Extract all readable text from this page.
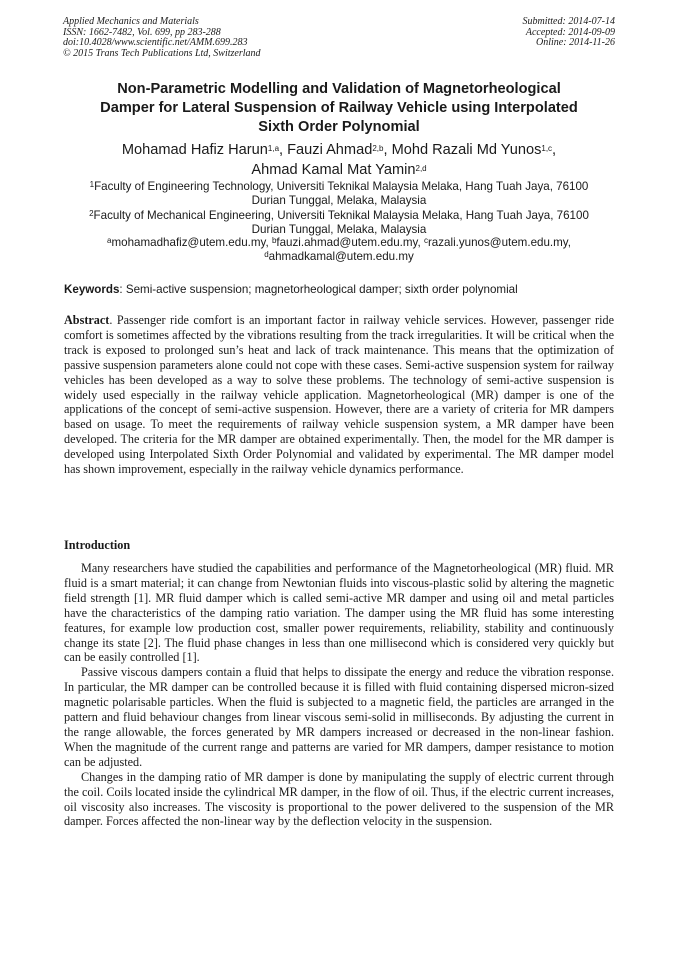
Applied Mechanics and Materials
ISSN: 1662-7482, Vol. 699, pp 283-288
doi:10.4028/www.scientific.net/AMM.699.283
© 2015 Trans Tech Publications Ltd, Switzerland
Submitted: 2014-07-14
Accepted: 2014-09-09
Online: 2014-11-26
Non-Parametric Modelling and Validation of Magnetorheological
Damper for Lateral Suspension of Railway Vehicle using Interpolated
Sixth Order Polynomial
Mohamad Hafiz Harun$^{1,a}$, Fauzi Ahmad$^{2,b}$, Mohd Razali Md Yunos$^{1,c}$,
Ahmad Kamal Mat Yamin$^{2,d}$
$^1$Faculty of Engineering Technology, Universiti Teknikal Malaysia Melaka, Hang Tuah Jaya, 76100
Durian Tunggal, Melaka, Malaysia
$^2$Faculty of Mechanical Engineering, Universiti Teknikal Malaysia Melaka, Hang Tuah Jaya, 76100
Durian Tunggal, Melaka, Malaysia
$^a$mohamadhafiz@utem.edu.my, $^b$fauzi.ahmad@utem.edu.my, $^c$razali.yunos@utem.edu.my,
$^d$ahmadkamal@utem.edu.my
Keywords: Semi-active suspension; magnetorheological damper; sixth order polynomial
Abstract. Passenger ride comfort is an important factor in railway vehicle services. However, passenger ride comfort is sometimes affected by the vibrations resulting from the track irregularities. It will be critical when the track is exposed to prolonged sun’s heat and lack of track maintenance. This means that the optimization of passive suspension parameters alone could not cope with these cases. Semi-active suspension system for railway vehicles has been developed as a way to solve these problems. The technology of semi-active suspension is widely used especially in the railway vehicle application. Magnetorheological (MR) damper is one of the applications of the concept of semi-active suspension. However, there are a variety of criteria for MR dampers based on usage. To meet the requirements of railway vehicle suspension system, a MR damper have been developed. The criteria for the MR damper are obtained experimentally. Then, the model for the MR damper is developed using Interpolated Sixth Order Polynomial and validated by experimental. The MR damper model has shown improvement, especially in the railway vehicle dynamics performance.
Introduction

Many researchers have studied the capabilities and performance of the Magnetorheological (MR) fluid. MR fluid is a smart material; it can change from Newtonian fluids into viscous-plastic solid by altering the magnetic field strength [1]. MR fluid damper which is called semi-active MR damper and using oil and metal particles have the characteristics of the damping ratio variation. The damper using the MR fluid has some interesting features, for example low production cost, smaller power requirements, reliability, stability and continuously change its state [2]. The fluid phase changes in less than one millisecond which is considered very quickly but can be easily controlled [1].

Passive viscous dampers contain a fluid that helps to dissipate the energy and reduce the vibration response. In particular, the MR damper can be controlled because it is filled with fluid containing dispersed micron-sized magnetic polarisable particles. When the fluid is subjected to a magnetic field, the particles are arranged in the pattern and fluid behaviour changes from linear viscous semi-solid in milliseconds. By adjusting the current in the range allowable, the forces generated by MR dampers increased or decreased in the non-linear fashion. When the magnitude of the current range and patterns are varied for MR dampers, damper resistance to motion can be adjusted.

Changes in the damping ratio of MR damper is done by manipulating the supply of electric current through the coil. Coils located inside the cylindrical MR damper, in the flow of oil. Thus, if the electric current increases, oil viscosity also increases. The viscosity is proportional to the power delivered to the suspension of the MR damper. Forces affected the non-linear way by the deflection velocity in the suspension.
